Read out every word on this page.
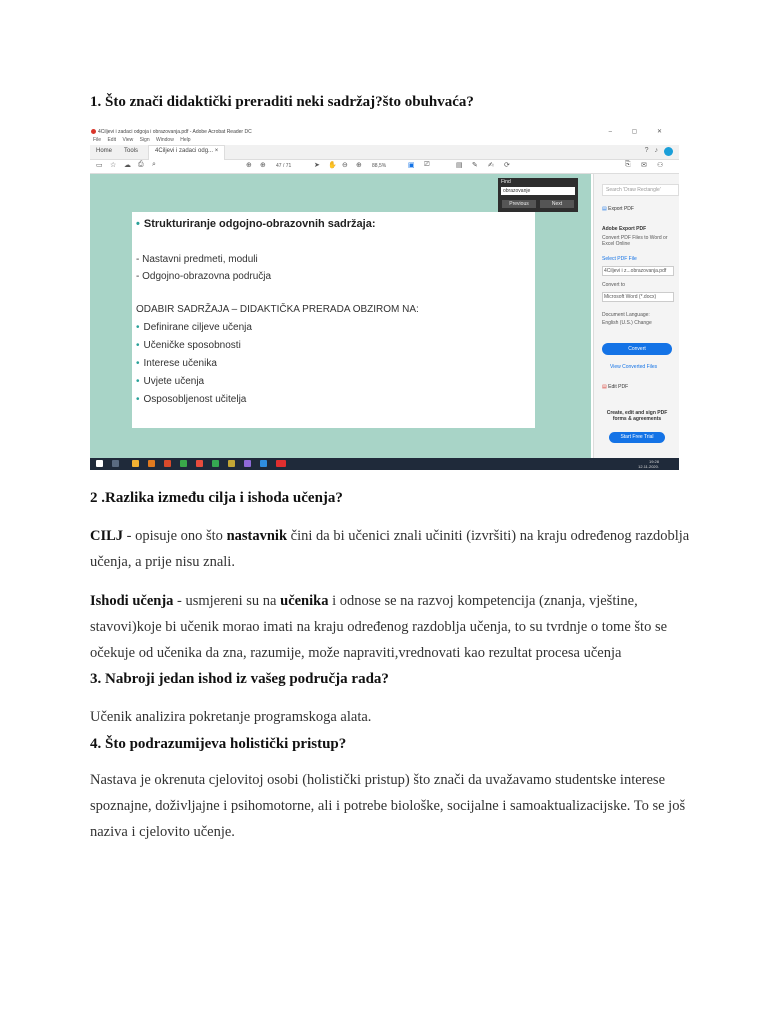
1. Što znači didaktički preraditi neki sadržaj?što obuhvaća?
4Ciljevi i zadaci odgoja i obrazovanja.pdf - Adobe Acrobat Reader DC	– ▢ ✕
File Edit View Sign Window Help
Home Tools	4Ciljevi i zadaci odg... ×	? ♪
▭ ☆ ☁ ⎙ ⌕	⊕ ⊕ 47 / 71	➤ ✋ ⊖ ⊕ 88,5%	▣ ⎚	▤ ✎ ✍ ⟳	⎘ ✉ ⚇
• Strukturiranje odgojno-obrazovnih sadržaja:
- Nastavni predmeti, moduli
- Odgojno-obrazovna područja
ODABIR SADRŽAJA – DIDAKTIČKA PRERADA OBZIROM NA:
• Definirane ciljeve učenja
• Učeničke sposobnosti
• Interese učenika
• Uvjete učenja
• Osposobljenost učitelja
Find
obrazovanje
Previous	Next
Search 'Draw Rectangle'
▤ Export PDF
Adobe Export PDF
Convert PDF Files to Word or Excel Online
Select PDF File
4Ciljevi i z...obrazovanja.pdf
Convert to
Microsoft Word (*.docx)
Document Language:
English (U.S.) Change
Convert
View Converted Files
▤ Edit PDF
Create, edit and sign PDF forms & agreements
Start Free Trial
19:28
12.11.2020.
2 .Razlika između cilja i ishoda učenja?
CILJ - opisuje ono što nastavnik čini da bi učenici znali učiniti (izvršiti) na kraju određenog razdoblja učenja, a prije nisu znali.
Ishodi učenja - usmjereni su na učenika i odnose se na razvoj kompetencija (znanja, vještine, stavovi)koje bi učenik morao imati na kraju određenog razdoblja učenja, to su tvrdnje o tome što se očekuje od učenika da zna, razumije, može napraviti,vrednovati kao rezultat procesa učenja
3. Nabroji jedan ishod iz vašeg područja rada?
Učenik analizira pokretanje programskoga alata.
4. Što podrazumijeva holistički pristup?
Nastava je okrenuta cjelovitoj osobi (holistički pristup) što znači da uvažavamo studentske interese spoznajne, doživljajne i psihomotorne, ali i potrebe biološke, socijalne i samoaktualizacijske. To se još naziva i cjelovito učenje.
